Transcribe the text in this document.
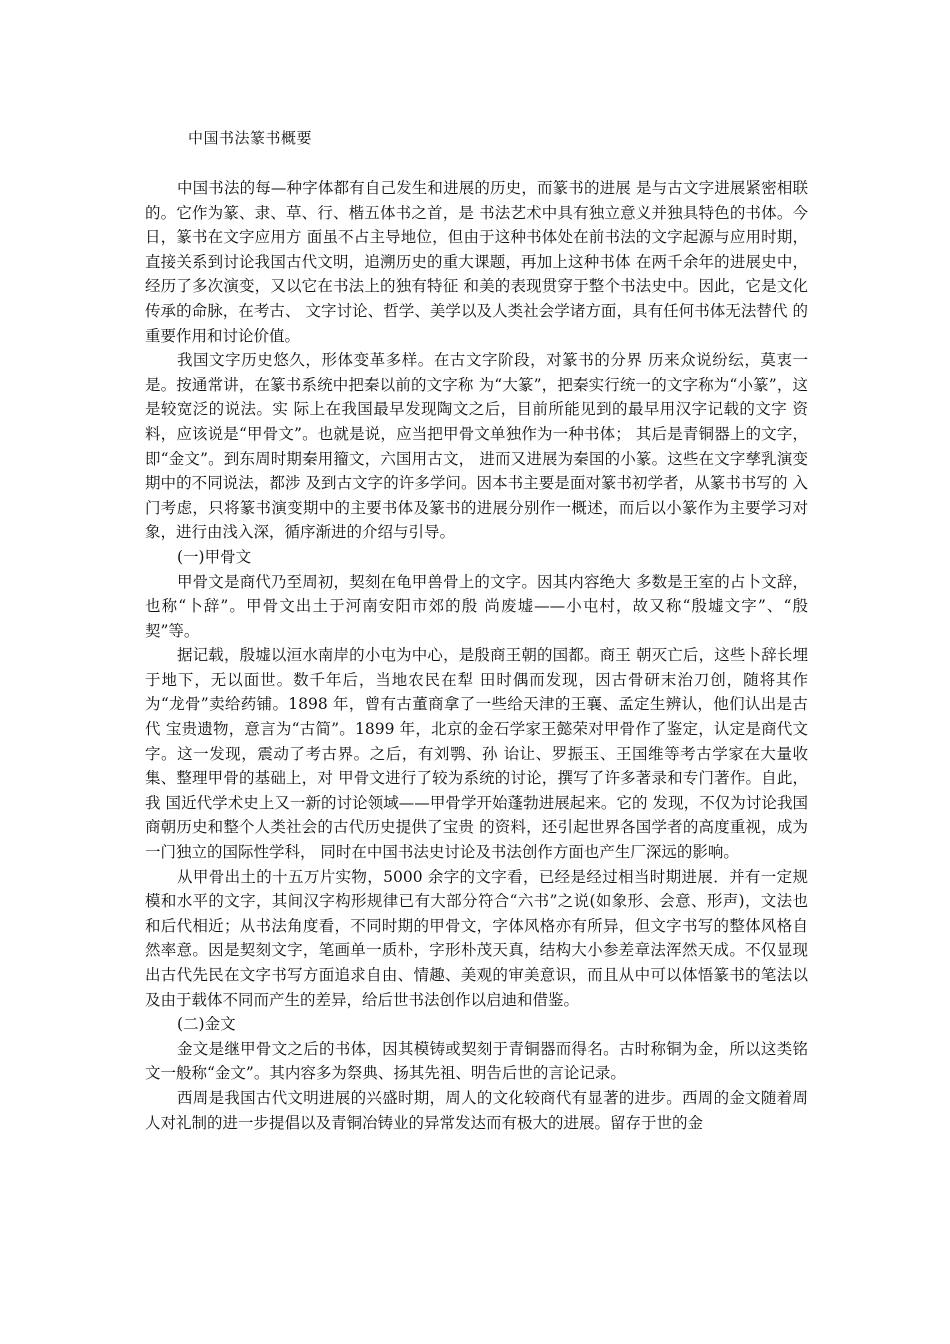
中国书法篆书概要

中国书法的每—种字体都有自己发生和进展的历史，而篆书的进展 是与古文字进展紧密相联的。它作为篆、隶、草、行、楷五体书之首，是 书法艺术中具有独立意义并独具特色的书体。今日，篆书在文字应用方 面虽不占主导地位，但由于这种书体处在前书法的文字起源与应用时期， 直接关系到讨论我国古代文明，追溯历史的重大课题，再加上这种书体 在两千余年的进展史中，经历了多次演变，又以它在书法上的独有特征 和美的表现贯穿于整个书法史中。因此，它是文化传承的命脉，在考古、 文字讨论、哲学、美学以及人类社会学诸方面，具有任何书体无法替代 的重要作用和讨论价值。

我国文字历史悠久，形体变革多样。在古文字阶段，对篆书的分界 历来众说纷纭，莫衷一是。按通常讲，在篆书系统中把秦以前的文字称 为“大篆”，把秦实行统一的文字称为“小篆”，这是较宽泛的说法。实 际上在我国最早发现陶文之后，目前所能见到的最早用汉字记载的文字 资料，应该说是“甲骨文”。也就是说，应当把甲骨文单独作为一种书体； 其后是青铜器上的文字，即“金文”。到东周时期秦用籀文，六国用古文， 进而又进展为秦国的小篆。这些在文字孳乳演变期中的不同说法，都涉 及到古文字的许多学问。因本书主要是面对篆书初学者，从篆书书写的 入门考虑，只将篆书演变期中的主要书体及篆书的进展分别作一概述，而后以小篆作为主要学习对象，进行由浅入深，循序渐进的介绍与引导。

(一)甲骨文

甲骨文是商代乃至周初，契刻在龟甲兽骨上的文字。因其内容绝大 多数是王室的占卜文辞，也称“卜辞”。甲骨文出土于河南安阳市郊的殷 尚废墟——小屯村，故又称“殷墟文字”、“殷契”等。

据记载，殷墟以洹水南岸的小屯为中心，是殷商王朝的国都。商王 朝灭亡后，这些卜辞长埋于地下，无以面世。数千年后，当地农民在犁 田时偶而发现，因古骨研末治刀创，随将其作为“龙骨”卖给药铺。1898 年，曾有古董商拿了一些给天津的王襄、孟定生辨认，他们认出是古代 宝贵遗物，意言为“古简”。1899 年，北京的金石学家王懿荣对甲骨作了鉴定，认定是商代文字。这一发现，震动了考古界。之后，有刘鹗、孙 诒让、罗振玉、王国维等考古学家在大量收集、整理甲骨的基础上，对 甲骨文进行了较为系统的讨论，撰写了许多著录和专门著作。自此，我 国近代学术史上又一新的讨论领域——甲骨学开始蓬勃进展起来。它的 发现，不仅为讨论我国商朝历史和整个人类社会的古代历史提供了宝贵 的资料，还引起世界各国学者的高度重视，成为一门独立的国际性学科， 同时在中国书法史讨论及书法创作方面也产生厂深远的影响。

从甲骨出土的十五万片实物，5000 余字的文字看，已经是经过相当时期进展．并有一定规模和水平的文字，其间汉字构形规律已有大部分符合“六书”之说(如象形、会意、形声)，文法也和后代相近；从书法角度看，不同时期的甲骨文，字体风格亦有所异，但文字书写的整体风格自然率意。因是契刻文字，笔画单一质朴，字形朴茂天真，结构大小参差章法浑然天成。不仅显现出古代先民在文字书写方面追求自由、情趣、美观的审美意识，而且从中可以体悟篆书的笔法以及由于载体不同而产生的差异，给后世书法创作以启迪和借鉴。

(二)金文

金文是继甲骨文之后的书体，因其模铸或契刻于青铜器而得名。古时称铜为金，所以这类铭文一般称“金文”。其内容多为祭典、扬其先祖、明告后世的言论记录。

西周是我国古代文明进展的兴盛时期，周人的文化较商代有显著的进步。西周的金文随着周人对礼制的进一步提倡以及青铜冶铸业的异常发达而有极大的进展。留存于世的金
